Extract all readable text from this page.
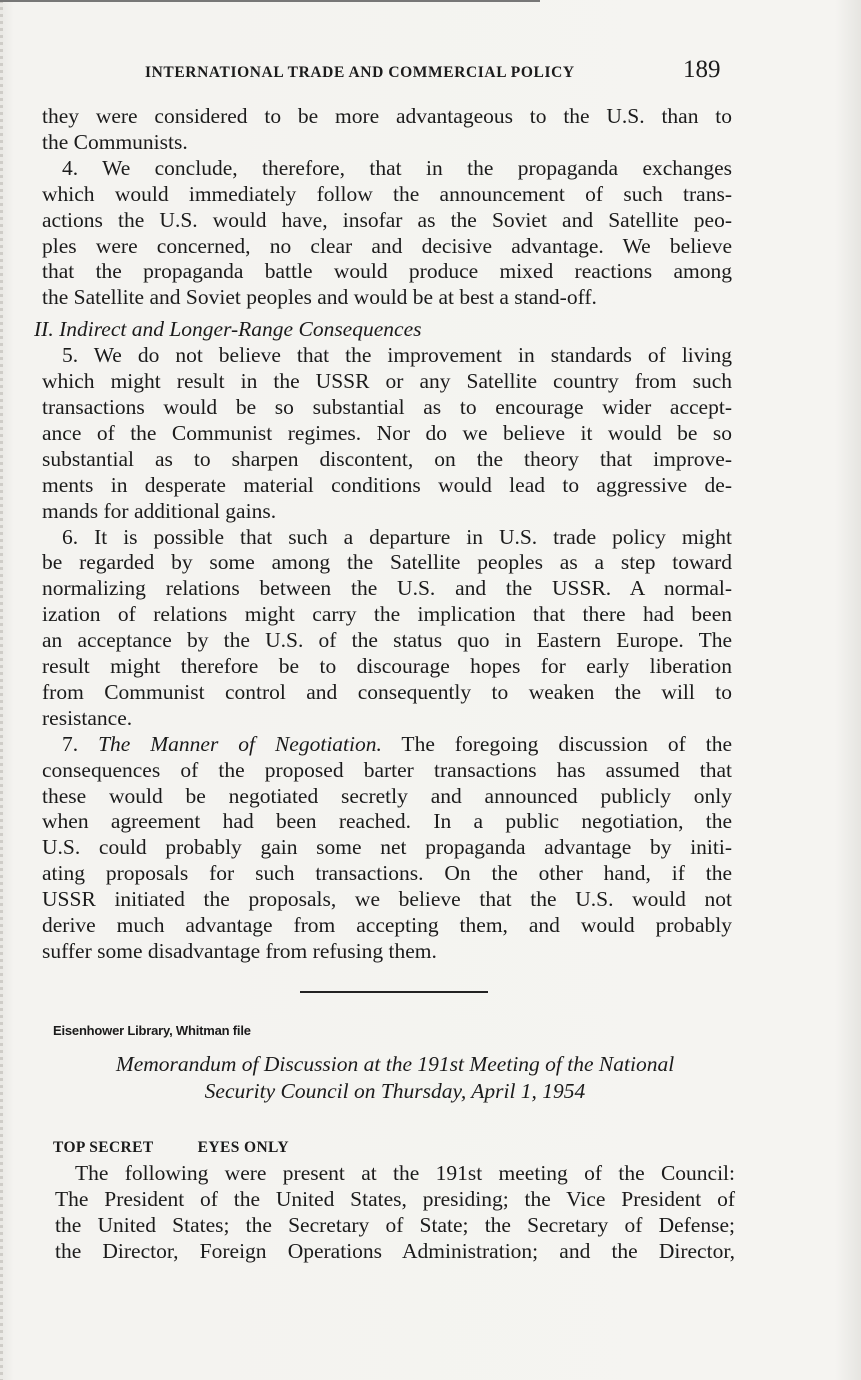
INTERNATIONAL TRADE AND COMMERCIAL POLICY	189
they were considered to be more advantageous to the U.S. than to
the Communists.
4. We conclude, therefore, that in the propaganda exchanges
which would immediately follow the announcement of such trans-
actions the U.S. would have, insofar as the Soviet and Satellite peo-
ples were concerned, no clear and decisive advantage. We believe
that the propaganda battle would produce mixed reactions among
the Satellite and Soviet peoples and would be at best a stand-off.
II. Indirect and Longer-Range Consequences
5. We do not believe that the improvement in standards of living
which might result in the USSR or any Satellite country from such
transactions would be so substantial as to encourage wider accept-
ance of the Communist regimes. Nor do we believe it would be so
substantial as to sharpen discontent, on the theory that improve-
ments in desperate material conditions would lead to aggressive de-
mands for additional gains.
6. It is possible that such a departure in U.S. trade policy might
be regarded by some among the Satellite peoples as a step toward
normalizing relations between the U.S. and the USSR. A normal-
ization of relations might carry the implication that there had been
an acceptance by the U.S. of the status quo in Eastern Europe. The
result might therefore be to discourage hopes for early liberation
from Communist control and consequently to weaken the will to
resistance.
7. The Manner of Negotiation. The foregoing discussion of the
consequences of the proposed barter transactions has assumed that
these would be negotiated secretly and announced publicly only
when agreement had been reached. In a public negotiation, the
U.S. could probably gain some net propaganda advantage by initi-
ating proposals for such transactions. On the other hand, if the
USSR initiated the proposals, we believe that the U.S. would not
derive much advantage from accepting them, and would probably
suffer some disadvantage from refusing them.
Eisenhower Library, Whitman file
Memorandum of Discussion at the 191st Meeting of the National
Security Council on Thursday, April 1, 1954
TOP SECRET	EYES ONLY
The following were present at the 191st meeting of the Council:
The President of the United States, presiding; the Vice President of
the United States; the Secretary of State; the Secretary of Defense;
the Director, Foreign Operations Administration; and the Director,
